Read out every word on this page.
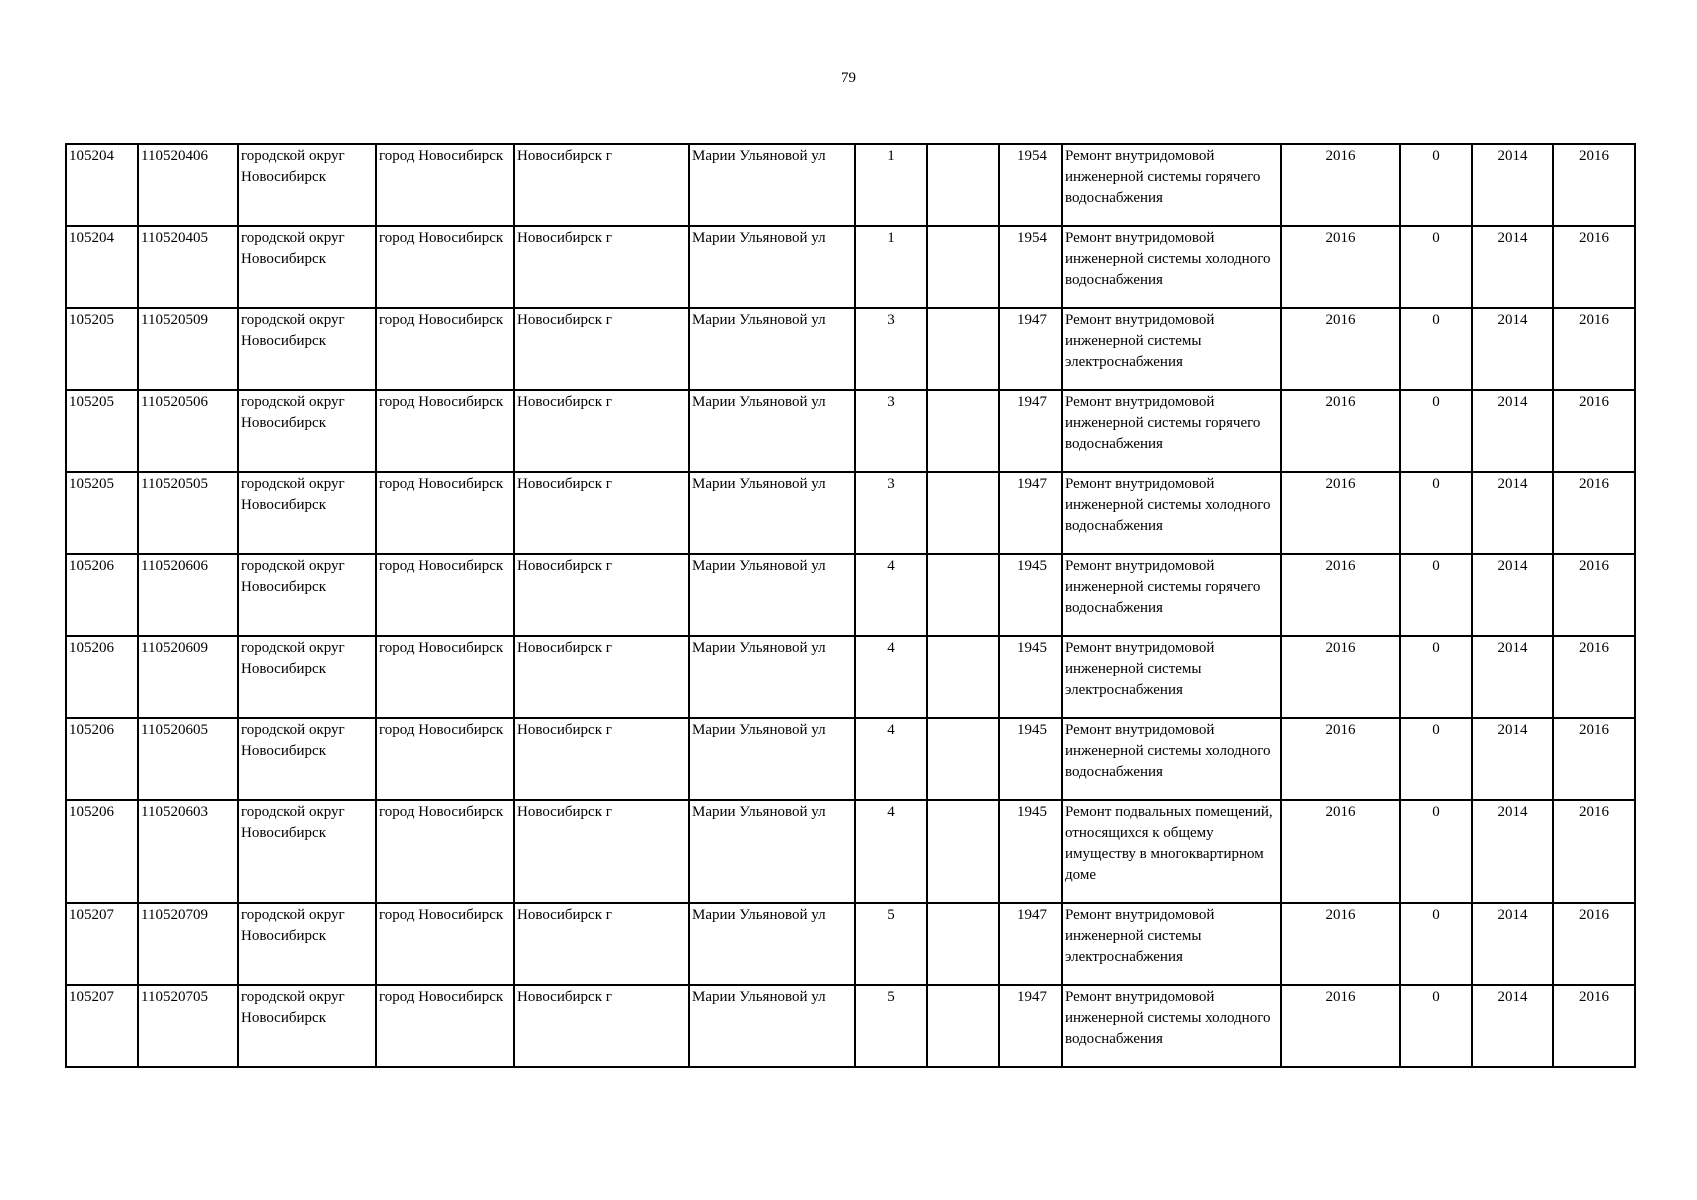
79
105204	110520406	городской округ Новосибирск	город Новосибирск	Новосибирск г	Марии Ульяновой ул	1		1954	Ремонт внутридомовой инженерной системы горячего водоснабжения	2016	0	2014	2016
105204	110520405	городской округ Новосибирск	город Новосибирск	Новосибирск г	Марии Ульяновой ул	1		1954	Ремонт внутридомовой инженерной системы холодного водоснабжения	2016	0	2014	2016
105205	110520509	городской округ Новосибирск	город Новосибирск	Новосибирск г	Марии Ульяновой ул	3		1947	Ремонт внутридомовой инженерной системы электроснабжения	2016	0	2014	2016
105205	110520506	городской округ Новосибирск	город Новосибирск	Новосибирск г	Марии Ульяновой ул	3		1947	Ремонт внутридомовой инженерной системы горячего водоснабжения	2016	0	2014	2016
105205	110520505	городской округ Новосибирск	город Новосибирск	Новосибирск г	Марии Ульяновой ул	3		1947	Ремонт внутридомовой инженерной системы холодного водоснабжения	2016	0	2014	2016
105206	110520606	городской округ Новосибирск	город Новосибирск	Новосибирск г	Марии Ульяновой ул	4		1945	Ремонт внутридомовой инженерной системы горячего водоснабжения	2016	0	2014	2016
105206	110520609	городской округ Новосибирск	город Новосибирск	Новосибирск г	Марии Ульяновой ул	4		1945	Ремонт внутридомовой инженерной системы электроснабжения	2016	0	2014	2016
105206	110520605	городской округ Новосибирск	город Новосибирск	Новосибирск г	Марии Ульяновой ул	4		1945	Ремонт внутридомовой инженерной системы холодного водоснабжения	2016	0	2014	2016
105206	110520603	городской округ Новосибирск	город Новосибирск	Новосибирск г	Марии Ульяновой ул	4		1945	Ремонт подвальных помещений, относящихся к общему имуществу в многоквартирном доме	2016	0	2014	2016
105207	110520709	городской округ Новосибирск	город Новосибирск	Новосибирск г	Марии Ульяновой ул	5		1947	Ремонт внутридомовой инженерной системы электроснабжения	2016	0	2014	2016
105207	110520705	городской округ Новосибирск	город Новосибирск	Новосибирск г	Марии Ульяновой ул	5		1947	Ремонт внутридомовой инженерной системы холодного водоснабжения	2016	0	2014	2016
